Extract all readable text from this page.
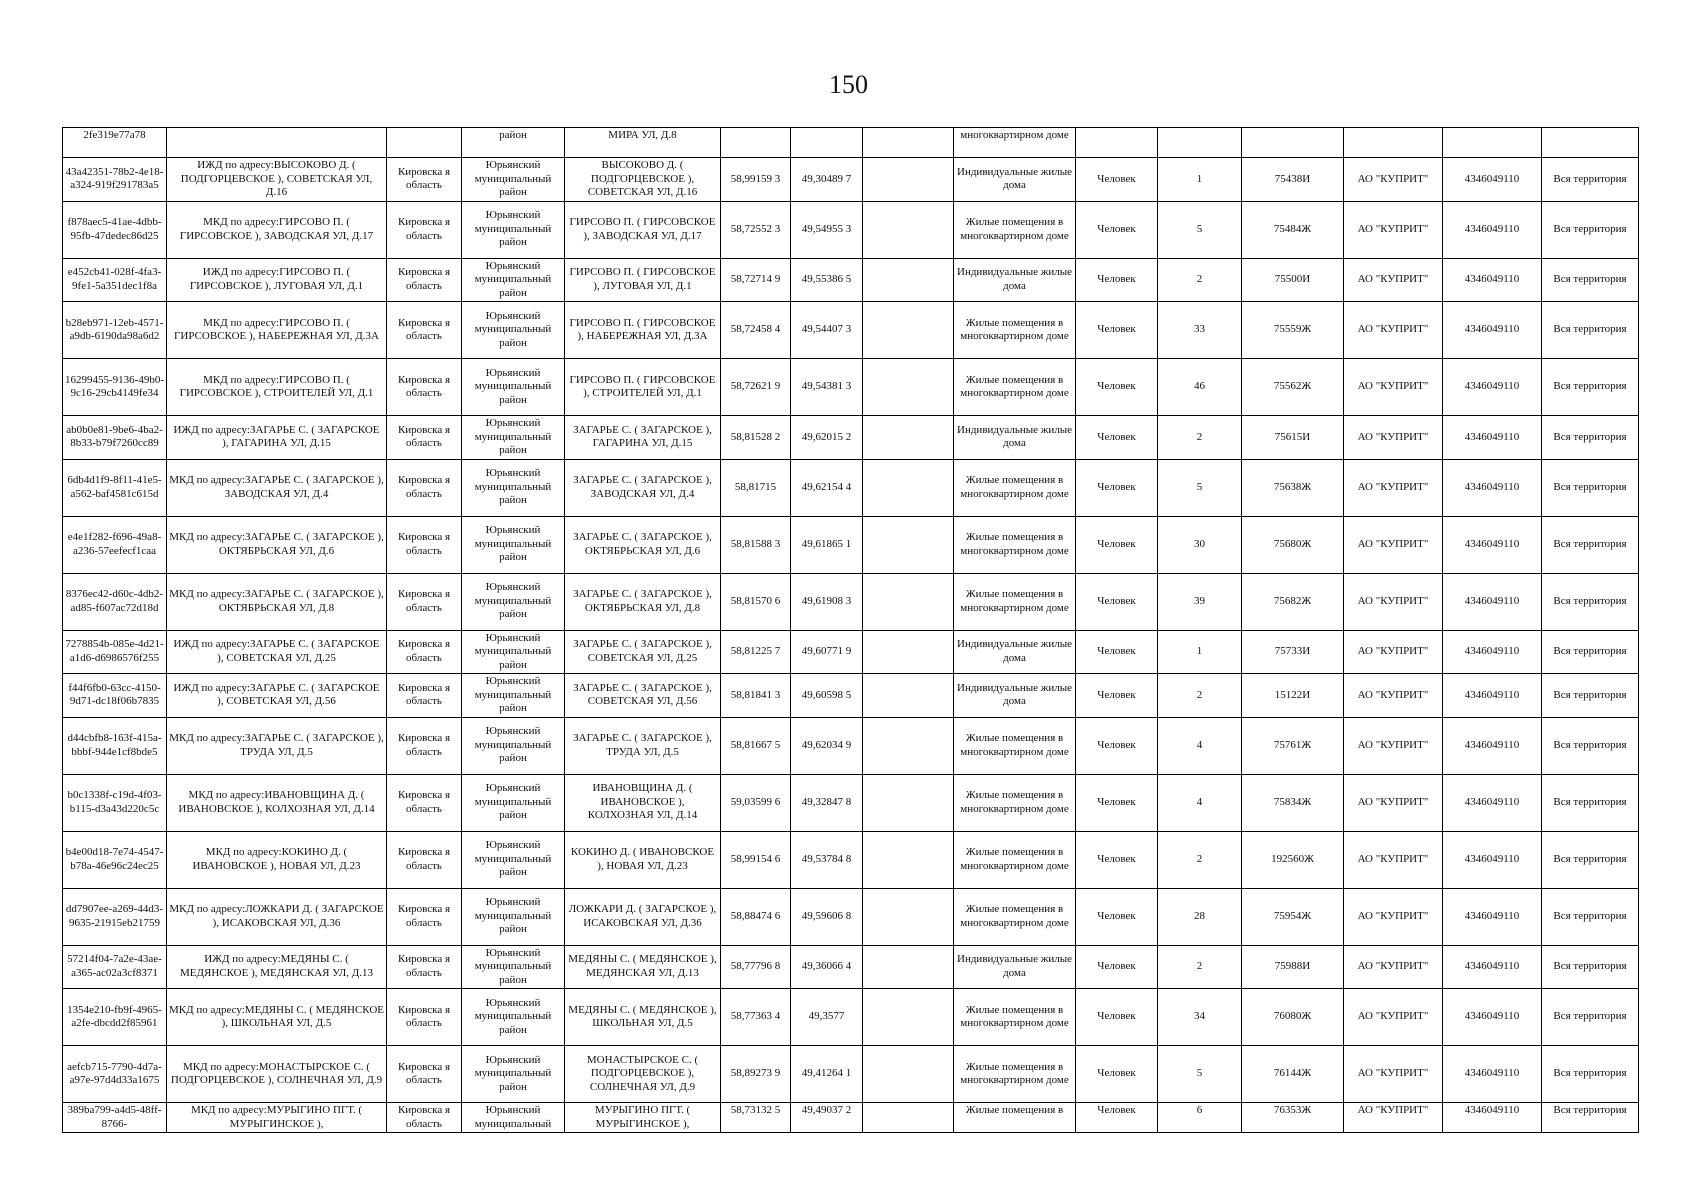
150
2fe319e77a78			район	МИРА УЛ, Д.8				многоквартирном доме						
43a42351-78b2-4e18-a324-919f291783a5	ИЖД по адресу:ВЫСОКОВО Д. ( ПОДГОРЦЕВСКОЕ ), СОВЕТСКАЯ УЛ, Д.16	Кировска я область	Юрьянский муниципальный район	ВЫСОКОВО Д. ( ПОДГОРЦЕВСКОЕ ), СОВЕТСКАЯ УЛ, Д.16	58,99159 3	49,30489 7		Индивидуальные жилые дома	Человек	1	75438И	АО "КУПРИТ"	4346049110	Вся территория
f878aec5-41ae-4dbb-95fb-47dedec86d25	МКД по адресу:ГИРСОВО П. ( ГИРСОВСКОЕ ), ЗАВОДСКАЯ УЛ, Д.17	Кировска я область	Юрьянский муниципальный район	ГИРСОВО П. ( ГИРСОВСКОЕ ), ЗАВОДСКАЯ УЛ, Д.17	58,72552 3	49,54955 3		Жилые помещения в многоквартирном доме	Человек	5	75484Ж	АО "КУПРИТ"	4346049110	Вся территория
e452cb41-028f-4fa3-9fe1-5a351dec1f8a	ИЖД по адресу:ГИРСОВО П. ( ГИРСОВСКОЕ ), ЛУГОВАЯ УЛ, Д.1	Кировска я область	Юрьянский муниципальный район	ГИРСОВО П. ( ГИРСОВСКОЕ ), ЛУГОВАЯ УЛ, Д.1	58,72714 9	49,55386 5		Индивидуальные жилые дома	Человек	2	75500И	АО "КУПРИТ"	4346049110	Вся территория
b28eb971-12eb-4571-a9db-6190da98a6d2	МКД по адресу:ГИРСОВО П. ( ГИРСОВСКОЕ ), НАБЕРЕЖНАЯ УЛ, Д.3А	Кировска я область	Юрьянский муниципальный район	ГИРСОВО П. ( ГИРСОВСКОЕ ), НАБЕРЕЖНАЯ УЛ, Д.3А	58,72458 4	49,54407 3		Жилые помещения в многоквартирном доме	Человек	33	75559Ж	АО "КУПРИТ"	4346049110	Вся территория
16299455-9136-49b0-9c16-29cb4149fe34	МКД по адресу:ГИРСОВО П. ( ГИРСОВСКОЕ ), СТРОИТЕЛЕЙ УЛ, Д.1	Кировска я область	Юрьянский муниципальный район	ГИРСОВО П. ( ГИРСОВСКОЕ ), СТРОИТЕЛЕЙ УЛ, Д.1	58,72621 9	49,54381 3		Жилые помещения в многоквартирном доме	Человек	46	75562Ж	АО "КУПРИТ"	4346049110	Вся территория
ab0b0e81-9be6-4ba2-8b33-b79f7260cc89	ИЖД по адресу:ЗАГАРЬЕ С. ( ЗАГАРСКОЕ ), ГАГАРИНА УЛ, Д.15	Кировска я область	Юрьянский муниципальный район	ЗАГАРЬЕ С. ( ЗАГАРСКОЕ ), ГАГАРИНА УЛ, Д.15	58,81528 2	49,62015 2		Индивидуальные жилые дома	Человек	2	75615И	АО "КУПРИТ"	4346049110	Вся территория
6db4d1f9-8f11-41e5-a562-baf4581c615d	МКД по адресу:ЗАГАРЬЕ С. ( ЗАГАРСКОЕ ), ЗАВОДСКАЯ УЛ, Д.4	Кировска я область	Юрьянский муниципальный район	ЗАГАРЬЕ С. ( ЗАГАРСКОЕ ), ЗАВОДСКАЯ УЛ, Д.4	58,81715	49,62154 4		Жилые помещения в многоквартирном доме	Человек	5	75638Ж	АО "КУПРИТ"	4346049110	Вся территория
e4e1f282-f696-49a8-a236-57eefecf1caa	МКД по адресу:ЗАГАРЬЕ С. ( ЗАГАРСКОЕ ), ОКТЯБРЬСКАЯ УЛ, Д.6	Кировска я область	Юрьянский муниципальный район	ЗАГАРЬЕ С. ( ЗАГАРСКОЕ ), ОКТЯБРЬСКАЯ УЛ, Д.6	58,81588 3	49,61865 1		Жилые помещения в многоквартирном доме	Человек	30	75680Ж	АО "КУПРИТ"	4346049110	Вся территория
8376ec42-d60c-4db2-ad85-f607ac72d18d	МКД по адресу:ЗАГАРЬЕ С. ( ЗАГАРСКОЕ ), ОКТЯБРЬСКАЯ УЛ, Д.8	Кировска я область	Юрьянский муниципальный район	ЗАГАРЬЕ С. ( ЗАГАРСКОЕ ), ОКТЯБРЬСКАЯ УЛ, Д.8	58,81570 6	49,61908 3		Жилые помещения в многоквартирном доме	Человек	39	75682Ж	АО "КУПРИТ"	4346049110	Вся территория
7278854b-085e-4d21-a1d6-d6986576f255	ИЖД по адресу:ЗАГАРЬЕ С. ( ЗАГАРСКОЕ ), СОВЕТСКАЯ УЛ, Д.25	Кировска я область	Юрьянский муниципальный район	ЗАГАРЬЕ С. ( ЗАГАРСКОЕ ), СОВЕТСКАЯ УЛ, Д.25	58,81225 7	49,60771 9		Индивидуальные жилые дома	Человек	1	75733И	АО "КУПРИТ"	4346049110	Вся территория
f44f6fb0-63cc-4150-9d71-dc18f06b7835	ИЖД по адресу:ЗАГАРЬЕ С. ( ЗАГАРСКОЕ ), СОВЕТСКАЯ УЛ, Д.56	Кировска я область	Юрьянский муниципальный район	ЗАГАРЬЕ С. ( ЗАГАРСКОЕ ), СОВЕТСКАЯ УЛ, Д.56	58,81841 3	49,60598 5		Индивидуальные жилые дома	Человек	2	15122И	АО "КУПРИТ"	4346049110	Вся территория
d44cbfb8-163f-415a-bbbf-944e1cf8bde5	МКД по адресу:ЗАГАРЬЕ С. ( ЗАГАРСКОЕ ), ТРУДА УЛ, Д.5	Кировска я область	Юрьянский муниципальный район	ЗАГАРЬЕ С. ( ЗАГАРСКОЕ ), ТРУДА УЛ, Д.5	58,81667 5	49,62034 9		Жилые помещения в многоквартирном доме	Человек	4	75761Ж	АО "КУПРИТ"	4346049110	Вся территория
b0c1338f-c19d-4f03-b115-d3a43d220c5c	МКД по адресу:ИВАНОВЩИНА Д. ( ИВАНОВСКОЕ ), КОЛХОЗНАЯ УЛ, Д.14	Кировска я область	Юрьянский муниципальный район	ИВАНОВЩИНА Д. ( ИВАНОВСКОЕ ), КОЛХОЗНАЯ УЛ, Д.14	59,03599 6	49,32847 8		Жилые помещения в многоквартирном доме	Человек	4	75834Ж	АО "КУПРИТ"	4346049110	Вся территория
b4e00d18-7e74-4547-b78a-46e96c24ec25	МКД по адресу:КОКИНО Д. ( ИВАНОВСКОЕ ), НОВАЯ УЛ, Д.23	Кировска я область	Юрьянский муниципальный район	КОКИНО Д. ( ИВАНОВСКОЕ ), НОВАЯ УЛ, Д.23	58,99154 6	49,53784 8		Жилые помещения в многоквартирном доме	Человек	2	192560Ж	АО "КУПРИТ"	4346049110	Вся территория
dd7907ee-a269-44d3-9635-21915eb21759	МКД по адресу:ЛОЖКАРИ Д. ( ЗАГАРСКОЕ ), ИСАКОВСКАЯ УЛ, Д.36	Кировска я область	Юрьянский муниципальный район	ЛОЖКАРИ Д. ( ЗАГАРСКОЕ ), ИСАКОВСКАЯ УЛ, Д.36	58,88474 6	49,59606 8		Жилые помещения в многоквартирном доме	Человек	28	75954Ж	АО "КУПРИТ"	4346049110	Вся территория
57214f04-7a2e-43ae-a365-ac02a3cf8371	ИЖД по адресу:МЕДЯНЫ С. ( МЕДЯНСКОЕ ), МЕДЯНСКАЯ УЛ, Д.13	Кировска я область	Юрьянский муниципальный район	МЕДЯНЫ С. ( МЕДЯНСКОЕ ), МЕДЯНСКАЯ УЛ, Д.13	58,77796 8	49,36066 4		Индивидуальные жилые дома	Человек	2	75988И	АО "КУПРИТ"	4346049110	Вся территория
1354e210-fb9f-4965-a2fe-dbcdd2f85961	МКД по адресу:МЕДЯНЫ С. ( МЕДЯНСКОЕ ), ШКОЛЬНАЯ УЛ, Д.5	Кировска я область	Юрьянский муниципальный район	МЕДЯНЫ С. ( МЕДЯНСКОЕ ), ШКОЛЬНАЯ УЛ, Д.5	58,77363 4	49,3577		Жилые помещения в многоквартирном доме	Человек	34	76080Ж	АО "КУПРИТ"	4346049110	Вся территория
aefcb715-7790-4d7a-a97e-97d4d33a1675	МКД по адресу:МОНАСТЫРСКОЕ С. ( ПОДГОРЦЕВСКОЕ ), СОЛНЕЧНАЯ УЛ, Д.9	Кировска я область	Юрьянский муниципальный район	МОНАСТЫРСКОЕ С. ( ПОДГОРЦЕВСКОЕ ), СОЛНЕЧНАЯ УЛ, Д.9	58,89273 9	49,41264 1		Жилые помещения в многоквартирном доме	Человек	5	76144Ж	АО "КУПРИТ"	4346049110	Вся территория
389ba799-a4d5-48ff-8766-	МКД по адресу:МУРЫГИНО ПГТ. ( МУРЫГИНСКОЕ ),	Кировска я область	Юрьянский муниципальный	МУРЫГИНО ПГТ. ( МУРЫГИНСКОЕ ),	58,73132 5	49,49037 2		Жилые помещения в	Человек	6	76353Ж	АО "КУПРИТ"	4346049110	Вся территория
